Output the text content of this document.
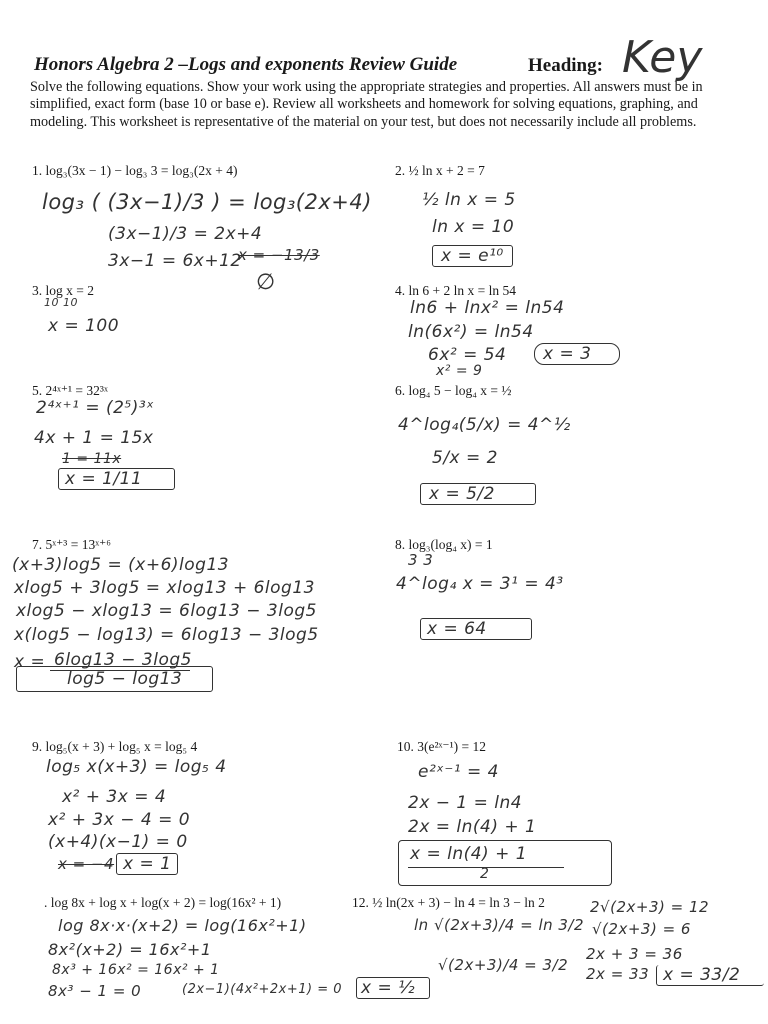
Honors Algebra 2 –Logs and exponents Review Guide	Heading: Key
Solve the following equations. Show your work using the appropriate strategies and properties. All answers must be in simplified, exact form (base 10 or base e). Review all worksheets and homework for solving equations, graphing, and modeling. This worksheet is representative of the material on your test, but does not necessarily include all problems.
1. log₃(3x − 1) − log₃ 3 = log₃(2x + 4)
log₃ ( (3x−1)/3 ) = log₃(2x+4)
(3x−1)/3 = 2x+4
3x−1 = 6x+12
x = −13/3
∅
2. ½ ln x + 2 = 7
½ ln x = 5
ln x = 10
x = e¹⁰
3. log x = 2
10 10
x = 100
4. ln 6 + 2 ln x = ln 54
ln6 + lnx² = ln54
ln(6x²) = ln54
6x² = 54
x² = 9
x = 3
5. 2⁴ˣ⁺¹ = 32³ˣ
2⁴ˣ⁺¹ = (2⁵)³ˣ
4x + 1 = 15x
1 = 11x
x = 1/11
6. log₄ 5 − log₄ x = ½
4^log₄(5/x) = 4^½
5/x = 2
x = 5/2
7. 5ˣ⁺³ = 13ˣ⁺⁶
(x+3)log5 = (x+6)log13
xlog5 + 3log5 = xlog13 + 6log13
xlog5 − xlog13 = 6log13 − 3log5
x(log5 − log13) = 6log13 − 3log5
x = 6log13 − 3log5
log5 − log13
8. log₃(log₄ x) = 1
3 3
4^log₄ x = 3¹ = 4³
x = 64
9. log₅(x + 3) + log₅ x = log₅ 4
log₅ x(x+3) = log₅ 4
x² + 3x = 4
x² + 3x − 4 = 0
(x+4)(x−1) = 0
x = −4 x = 1
10. 3(e²ˣ⁻¹) = 12
e²ˣ⁻¹ = 4
2x − 1 = ln4
2x = ln(4) + 1
x = ln(4) + 1
2
. log 8x + log x + log(x + 2) = log(16x² + 1)
log 8x·x·(x+2) = log(16x²+1)
8x²(x+2) = 16x²+1
8x³ + 16x² = 16x² + 1
8x³ − 1 = 0	(2x−1)(4x²+2x+1) = 0 x = ½
12. ½ ln(2x + 3) − ln 4 = ln 3 − ln 2
ln √(2x+3)/4 = ln 3/2
√(2x+3)/4 = 3/2
2√(2x+3) = 12
√(2x+3) = 6
2x + 3 = 36
2x = 33 x = 33/2
